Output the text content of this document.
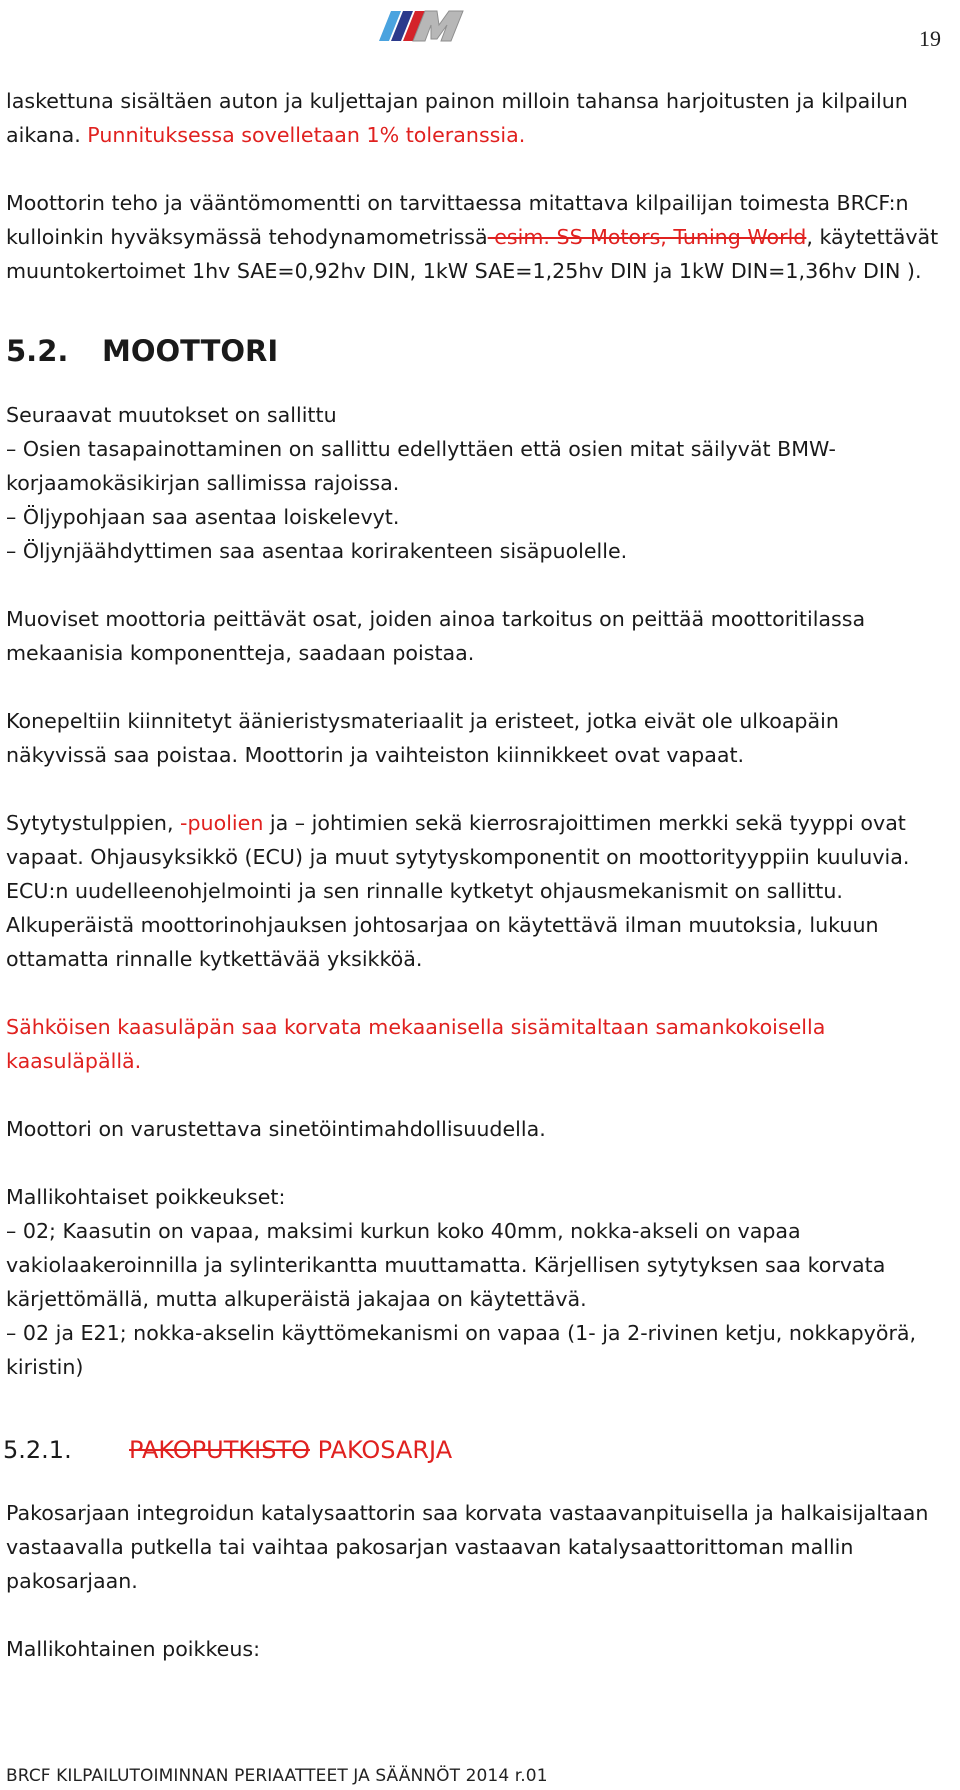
19

laskettuna sisältäen auton ja kuljettajan painon milloin tahansa harjoitusten ja kilpailun aikana. Punnituksessa sovelletaan 1% toleranssia.

Moottorin teho ja vääntömomentti on tarvittaessa mitattava kilpailijan toimesta BRCF:n kulloinkin hyväksymässä tehodynamometrissä esim. SS-Motors, Tuning World, käytettävät muuntokertoimet 1hv SAE=0,92hv DIN, 1kW SAE=1,25hv DIN ja 1kW DIN=1,36hv DIN ).

5.2. MOOTTORI

Seuraavat muutokset on sallittu

– Osien tasapainottaminen on sallittu edellyttäen että osien mitat säilyvät BMW-korjaamokäsikirjan sallimissa rajoissa.

– Öljypohjaan saa asentaa loiskelevyt.

– Öljynjäähdyttimen saa asentaa korirakenteen sisäpuolelle.

Muoviset moottoria peittävät osat, joiden ainoa tarkoitus on peittää moottoritilassa mekaanisia komponentteja, saadaan poistaa.

Konepeltiin kiinnitetyt äänieristysmateriaalit ja eristeet, jotka eivät ole ulkoapäin näkyvissä saa poistaa. Moottorin ja vaihteiston kiinnikkeet ovat vapaat.

Sytytystulppien, -puolien ja – johtimien sekä kierrosrajoittimen merkki sekä tyyppi ovat vapaat. Ohjausyksikkö (ECU) ja muut sytytyskomponentit on moottorityyppiin kuuluvia. ECU:n uudelleenohjelmointi ja sen rinnalle kytketyt ohjausmekanismit on sallittu. Alkuperäistä moottorinohjauksen johtosarjaa on käytettävä ilman muutoksia, lukuun ottamatta rinnalle kytkettävää yksikköä.

Sähköisen kaasuläpän saa korvata mekaanisella sisämitaltaan samankokoisella kaasuläpällä.

Moottori on varustettava sinetöintimahdollisuudella.

Mallikohtaiset poikkeukset:

– 02; Kaasutin on vapaa, maksimi kurkun koko 40mm, nokka-akseli on vapaa vakiolaakeroinnilla ja sylinterikantta muuttamatta. Kärjellisen sytytyksen saa korvata kärjettömällä, mutta alkuperäistä jakajaa on käytettävä.

– 02 ja E21; nokka-akselin käyttömekanismi on vapaa (1- ja 2-rivinen ketju, nokkapyörä, kiristin)

5.2.1. PAKOPUTKISTO PAKOSARJA

Pakosarjaan integroidun katalysaattorin saa korvata vastaavanpituisella ja halkaisijaltaan vastaavalla putkella tai vaihtaa pakosarjan vastaavan katalysaattorittoman mallin pakosarjaan.

Mallikohtainen poikkeus:

BRCF KILPAILUTOIMINNAN PERIAATTEET JA SÄÄNNÖT 2014 r.01
